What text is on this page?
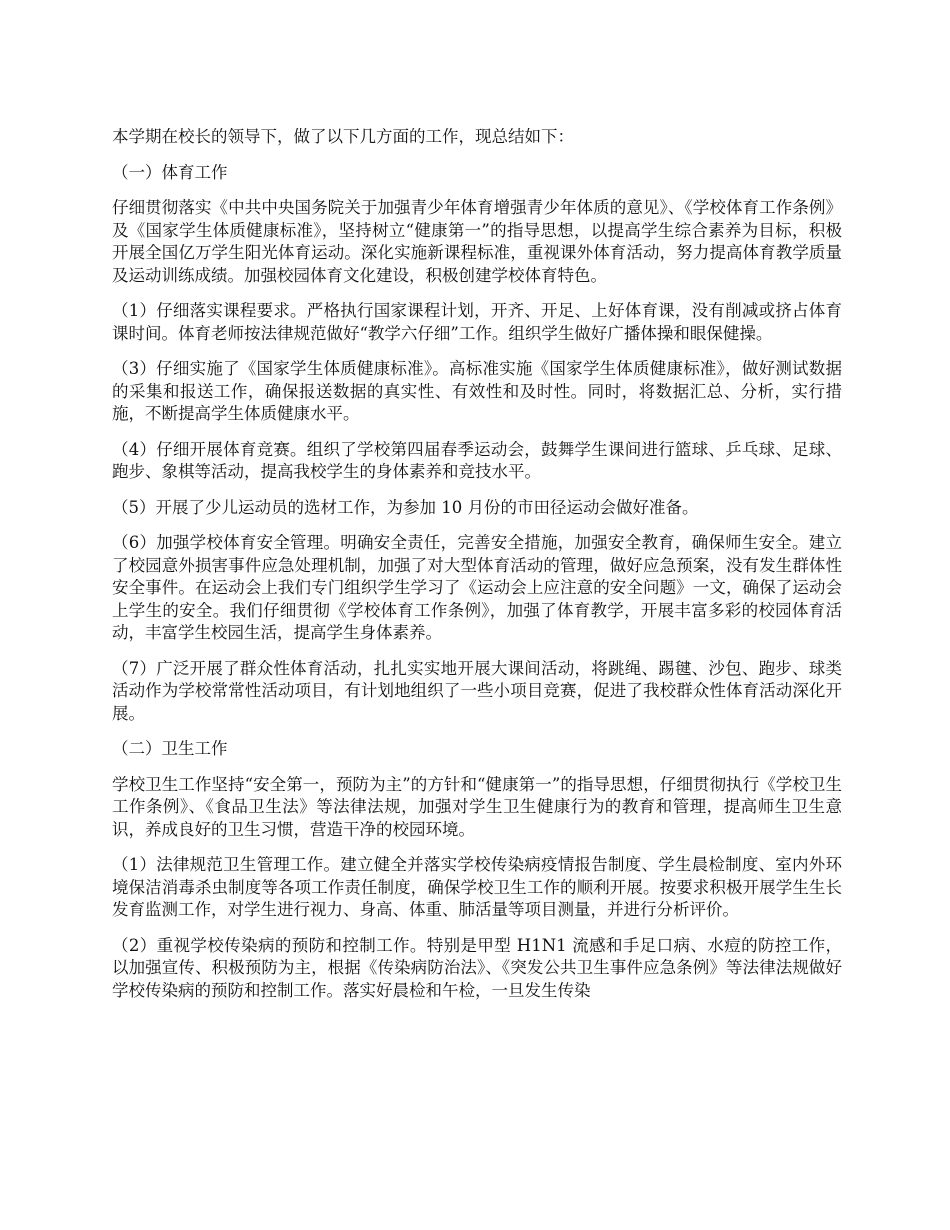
本学期在校长的领导下，做了以下几方面的工作，现总结如下：

（一）体育工作

仔细贯彻落实《中共中央国务院关于加强青少年体育增强青少年体质的意见》、《学校体育工作条例》及《国家学生体质健康标准》，坚持树立“健康第一”的指导思想，以提高学生综合素养为目标，积极开展全国亿万学生阳光体育运动。深化实施新课程标准，重视课外体育活动，努力提高体育教学质量及运动训练成绩。加强校园体育文化建设，积极创建学校体育特色。

（1）仔细落实课程要求。严格执行国家课程计划，开齐、开足、上好体育课，没有削减或挤占体育课时间。体育老师按法律规范做好“教学六仔细”工作。组织学生做好广播体操和眼保健操。

（3）仔细实施了《国家学生体质健康标准》。高标准实施《国家学生体质健康标准》，做好测试数据的采集和报送工作，确保报送数据的真实性、有效性和及时性。同时，将数据汇总、分析，实行措施，不断提高学生体质健康水平。

（4）仔细开展体育竞赛。组织了学校第四届春季运动会，鼓舞学生课间进行篮球、乒乓球、足球、跑步、象棋等活动，提高我校学生的身体素养和竞技水平。

（5）开展了少儿运动员的选材工作，为参加 10 月份的市田径运动会做好准备。

（6）加强学校体育安全管理。明确安全责任，完善安全措施，加强安全教育，确保师生安全。建立了校园意外损害事件应急处理机制，加强了对大型体育活动的管理，做好应急预案，没有发生群体性安全事件。在运动会上我们专门组织学生学习了《运动会上应注意的安全问题》一文，确保了运动会上学生的安全。我们仔细贯彻《学校体育工作条例》，加强了体育教学，开展丰富多彩的校园体育活动，丰富学生校园生活，提高学生身体素养。

（7）广泛开展了群众性体育活动，扎扎实实地开展大课间活动，将跳绳、踢毽、沙包、跑步、球类活动作为学校常常性活动项目，有计划地组织了一些小项目竞赛，促进了我校群众性体育活动深化开展。

（二）卫生工作

学校卫生工作坚持“安全第一，预防为主”的方针和“健康第一”的指导思想，仔细贯彻执行《学校卫生工作条例》、《食品卫生法》等法律法规，加强对学生卫生健康行为的教育和管理，提高师生卫生意识，养成良好的卫生习惯，营造干净的校园环境。

（1）法律规范卫生管理工作。建立健全并落实学校传染病疫情报告制度、学生晨检制度、室内外环境保洁消毒杀虫制度等各项工作责任制度，确保学校卫生工作的顺利开展。按要求积极开展学生生长发育监测工作，对学生进行视力、身高、体重、肺活量等项目测量，并进行分析评价。

（2）重视学校传染病的预防和控制工作。特别是甲型 H1N1 流感和手足口病、水痘的防控工作，以加强宣传、积极预防为主，根据《传染病防治法》、《突发公共卫生事件应急条例》等法律法规做好学校传染病的预防和控制工作。落实好晨检和午检，一旦发生传染
